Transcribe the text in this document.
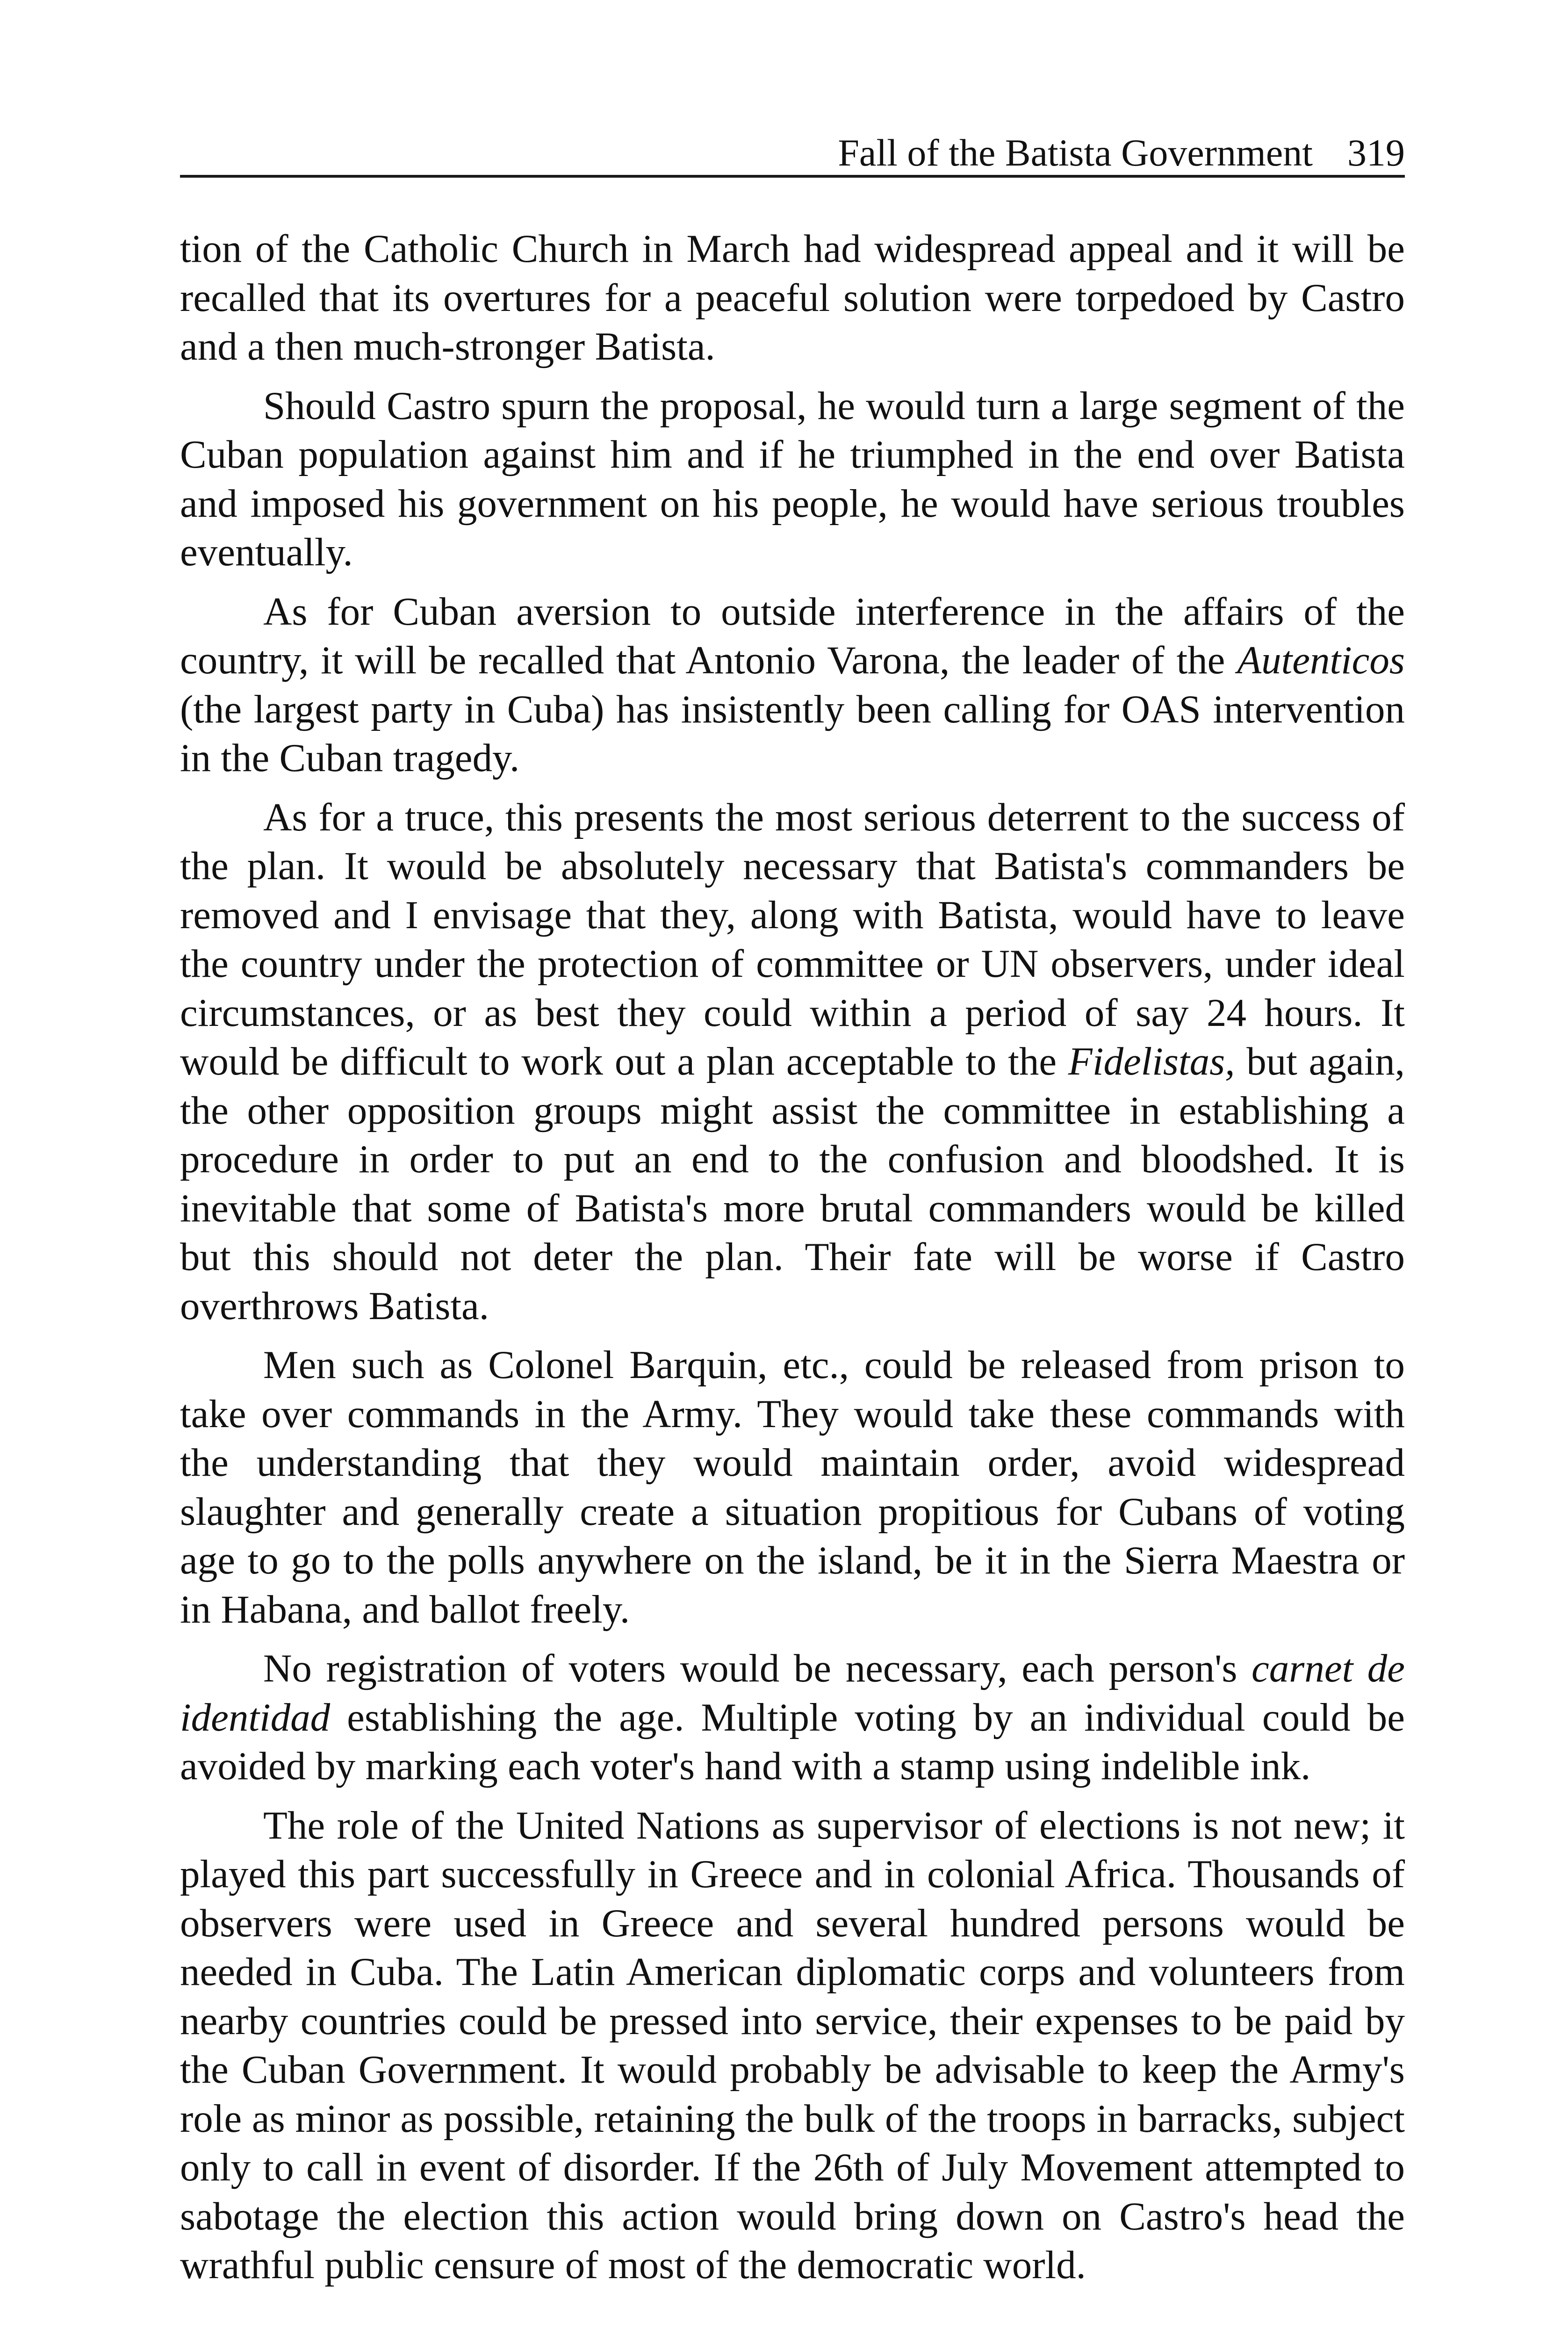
Fall of the Batista Government 319

tion of the Catholic Church in March had widespread appeal and it will be recalled that its overtures for a peaceful solution were torpedoed by Castro and a then much-stronger Batista.

Should Castro spurn the proposal, he would turn a large segment of the Cuban population against him and if he triumphed in the end over Batista and imposed his government on his people, he would have serious troubles eventually.

As for Cuban aversion to outside interference in the affairs of the country, it will be recalled that Antonio Varona, the leader of the Autenticos (the largest party in Cuba) has insistently been calling for OAS intervention in the Cuban tragedy.

As for a truce, this presents the most serious deterrent to the success of the plan. It would be absolutely necessary that Batista's commanders be removed and I envisage that they, along with Batista, would have to leave the country under the protection of committee or UN observers, under ideal circumstances, or as best they could within a period of say 24 hours. It would be difficult to work out a plan acceptable to the Fidelistas, but again, the other opposition groups might assist the committee in establishing a procedure in order to put an end to the confusion and bloodshed. It is inevitable that some of Batista's more brutal commanders would be killed but this should not deter the plan. Their fate will be worse if Castro overthrows Batista.

Men such as Colonel Barquin, etc., could be released from prison to take over commands in the Army. They would take these commands with the understanding that they would maintain order, avoid widespread slaughter and generally create a situation propitious for Cubans of voting age to go to the polls anywhere on the island, be it in the Sierra Maestra or in Habana, and ballot freely.

No registration of voters would be necessary, each person's carnet de identidad establishing the age. Multiple voting by an individual could be avoided by marking each voter's hand with a stamp using indelible ink.

The role of the United Nations as supervisor of elections is not new; it played this part successfully in Greece and in colonial Africa. Thousands of observers were used in Greece and several hundred persons would be needed in Cuba. The Latin American diplomatic corps and volunteers from nearby countries could be pressed into service, their expenses to be paid by the Cuban Government. It would probably be advisable to keep the Army's role as minor as possible, retaining the bulk of the troops in barracks, subject only to call in event of disorder. If the 26th of July Movement attempted to sabotage the election this action would bring down on Castro's head the wrathful public censure of most of the democratic world.
